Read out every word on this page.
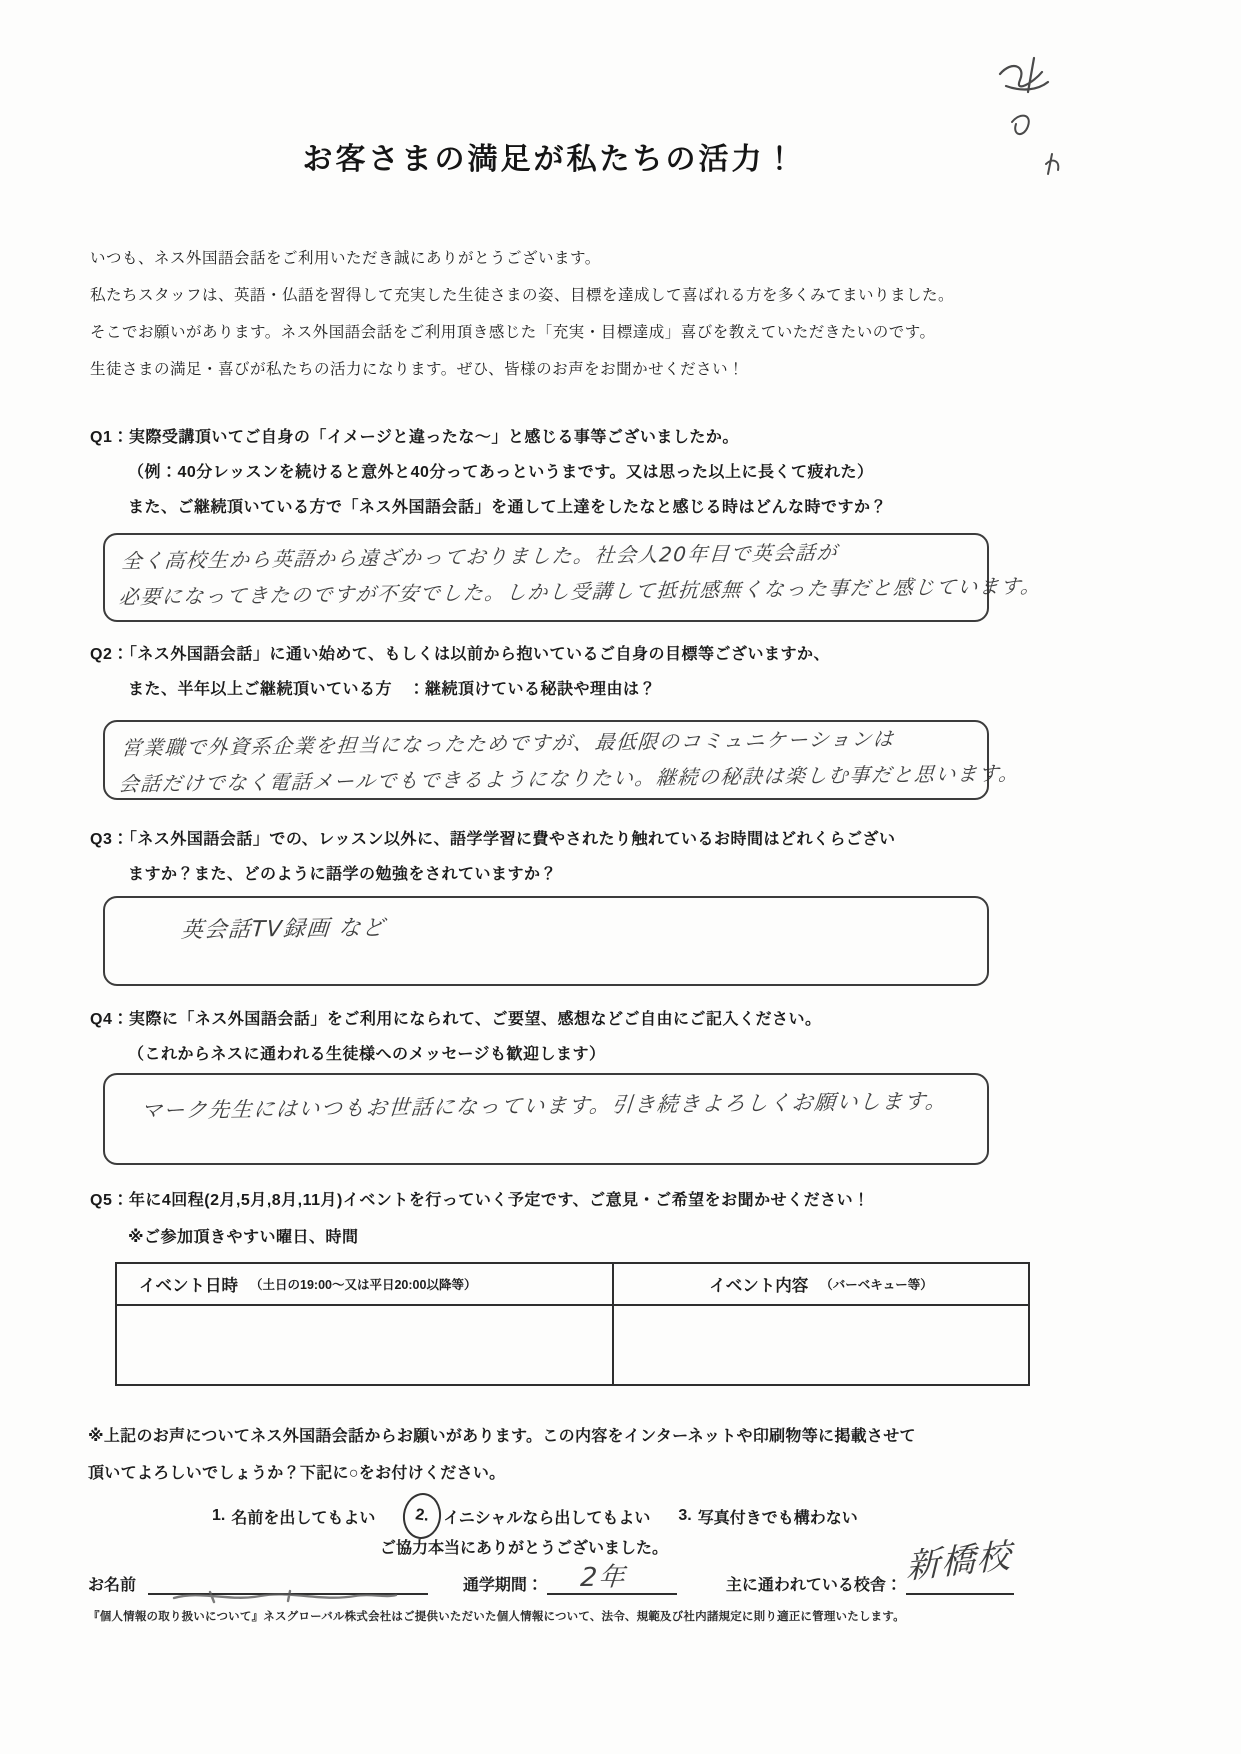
お客さまの満足が私たちの活力！
いつも、ネス外国語会話をご利用いただき誠にありがとうございます。
私たちスタッフは、英語・仏語を習得して充実した生徒さまの姿、目標を達成して喜ばれる方を多くみてまいりました。
そこでお願いがあります。ネス外国語会話をご利用頂き感じた「充実・目標達成」喜びを教えていただきたいのです。
生徒さまの満足・喜びが私たちの活力になります。ぜひ、皆様のお声をお聞かせください！
Q1：実際受講頂いてご自身の「イメージと違ったな～」と感じる事等ございましたか。
（例：40分レッスンを続けると意外と40分ってあっというまです。又は思った以上に長くて疲れた）
また、ご継続頂いている方で「ネス外国語会話」を通して上達をしたなと感じる時はどんな時ですか？
全く高校生から英語から遠ざかっておりました。社会人20年目で英会話が
必要になってきたのですが不安でした。しかし受講して抵抗感無くなった事だと感じています。
Q2：「ネス外国語会話」に通い始めて、もしくは以前から抱いているご自身の目標等ございますか、
また、半年以上ご継続頂いている方　：継続頂けている秘訣や理由は？
営業職で外資系企業を担当になったためですが、最低限のコミュニケーションは
会話だけでなく電話メールでもできるようになりたい。継続の秘訣は楽しむ事だと思います。
Q3：「ネス外国語会話」での、レッスン以外に、語学学習に費やされたり触れているお時間はどれくらござい
ますか？また、どのように語学の勉強をされていますか？
英会話TV録画 など
Q4：実際に「ネス外国語会話」をご利用になられて、ご要望、感想などご自由にご記入ください。
（これからネスに通われる生徒様へのメッセージも歓迎します）
マーク先生にはいつもお世話になっています。引き続きよろしくお願いします。
Q5：年に4回程(2月,5月,8月,11月)イベントを行っていく予定です、ご意見・ご希望をお聞かせください！
※ご参加頂きやすい曜日、時間
イベント日時 （土日の19:00～又は平日20:00以降等）	イベント内容 （バーベキュー等）
※上記のお声についてネス外国語会話からお願いがあります。この内容をインターネットや印刷物等に掲載させて
頂いてよろしいでしょうか？下記に○をお付けください。
1. 名前を出してもよい	2. イニシャルなら出してもよい 3. 写真付きでも構わない
ご協力本当にありがとうございました。
お名前	通学期間： 2年	主に通われている校舎： 新橋校
『個人情報の取り扱いについて』ネスグローバル株式会社はご提供いただいた個人情報について、法令、規範及び社内諸規定に則り適正に管理いたします。
